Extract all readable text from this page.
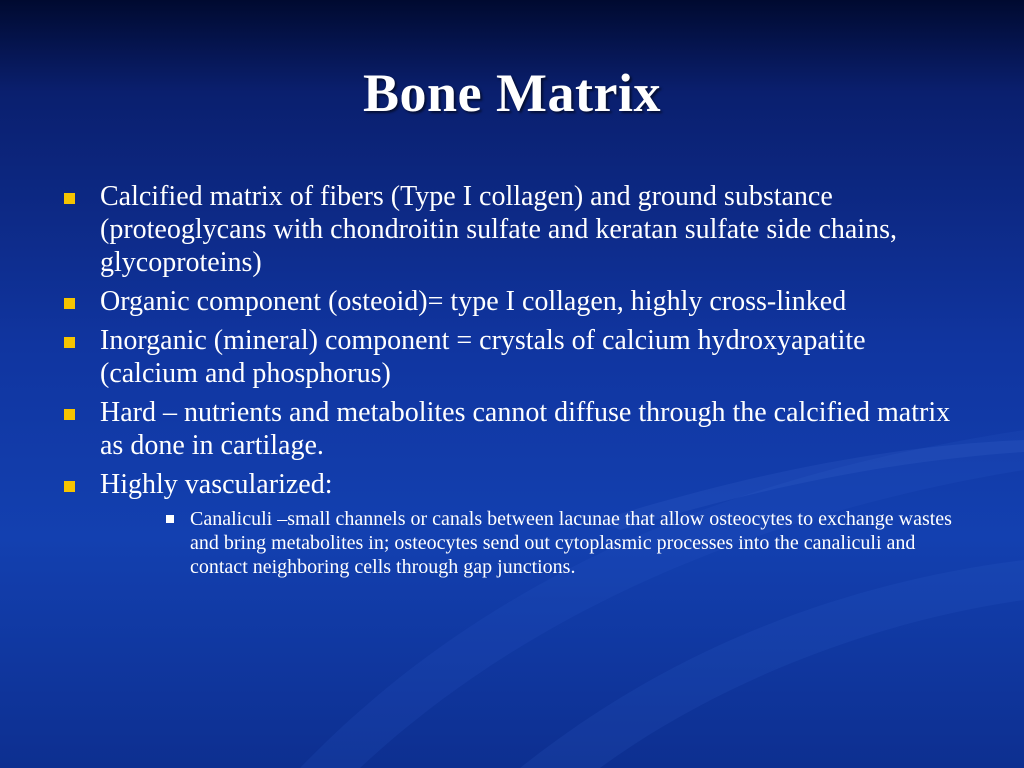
Bone Matrix
Calcified matrix of fibers (Type I collagen) and ground substance (proteoglycans with chondroitin sulfate and keratan sulfate side chains, glycoproteins)
Organic component (osteoid)= type I collagen, highly cross-linked
Inorganic (mineral) component = crystals of calcium hydroxyapatite (calcium and phosphorus)
Hard – nutrients and metabolites cannot diffuse through the calcified matrix as done in cartilage.
Highly vascularized:
Canaliculi –small channels or canals between lacunae that allow osteocytes to exchange wastes and bring metabolites in; osteocytes send out cytoplasmic processes into the canaliculi and contact neighboring cells through gap junctions.
